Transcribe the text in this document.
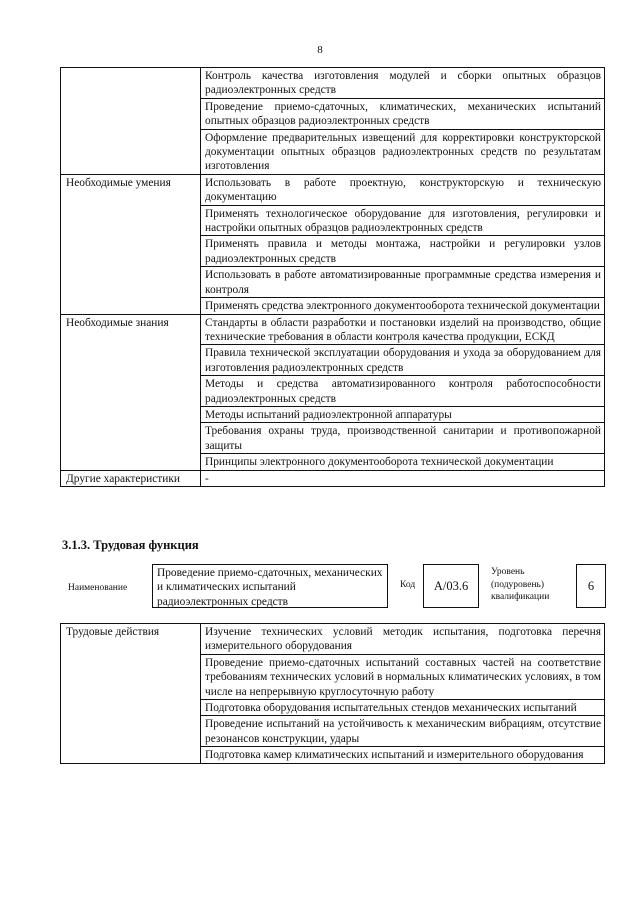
8
	Контроль качества изготовления модулей и сборки опытных образцов радиоэлектронных средств
	Проведение приемо-сдаточных, климатических, механических испытаний опытных образцов радиоэлектронных средств
	Оформление предварительных извещений для корректировки конструкторской документации опытных образцов радиоэлектронных средств по результатам изготовления
Необходимые умения	Использовать в работе проектную, конструкторскую и техническую документацию
	Применять технологическое оборудование для изготовления, регулировки и настройки опытных образцов радиоэлектронных средств
	Применять правила и методы монтажа, настройки и регулировки узлов радиоэлектронных средств
	Использовать в работе автоматизированные программные средства измерения и контроля
	Применять средства электронного документооборота технической документации
Необходимые знания	Стандарты в области разработки и постановки изделий на производство, общие технические требования в области контроля качества продукции, ЕСКД
	Правила технической эксплуатации оборудования и ухода за оборудованием для изготовления радиоэлектронных средств
	Методы и средства автоматизированного контроля работоспособности радиоэлектронных средств
	Методы испытаний радиоэлектронной аппаратуры
	Требования охраны труда, производственной санитарии и противопожарной защиты
	Принципы электронного документооборота технической документации
Другие характеристики	-
3.1.3. Трудовая функция
Наименование
Проведение приемо-сдаточных, механических и климатических испытаний радиоэлектронных средств
Код	А/03.6
Уровень (подуровень) квалификации
6
Трудовые действия	Изучение технических условий методик испытания, подготовка перечня измерительного оборудования
Проведение приемо-сдаточных испытаний составных частей на соответствие требованиям технических условий в нормальных климатических условиях, в том числе на непрерывную круглосуточную работу
Подготовка оборудования испытательных стендов механических испытаний
Проведение испытаний на устойчивость к механическим вибрациям, отсутствие резонансов конструкции, удары
Подготовка камер климатических испытаний и измерительного оборудования
